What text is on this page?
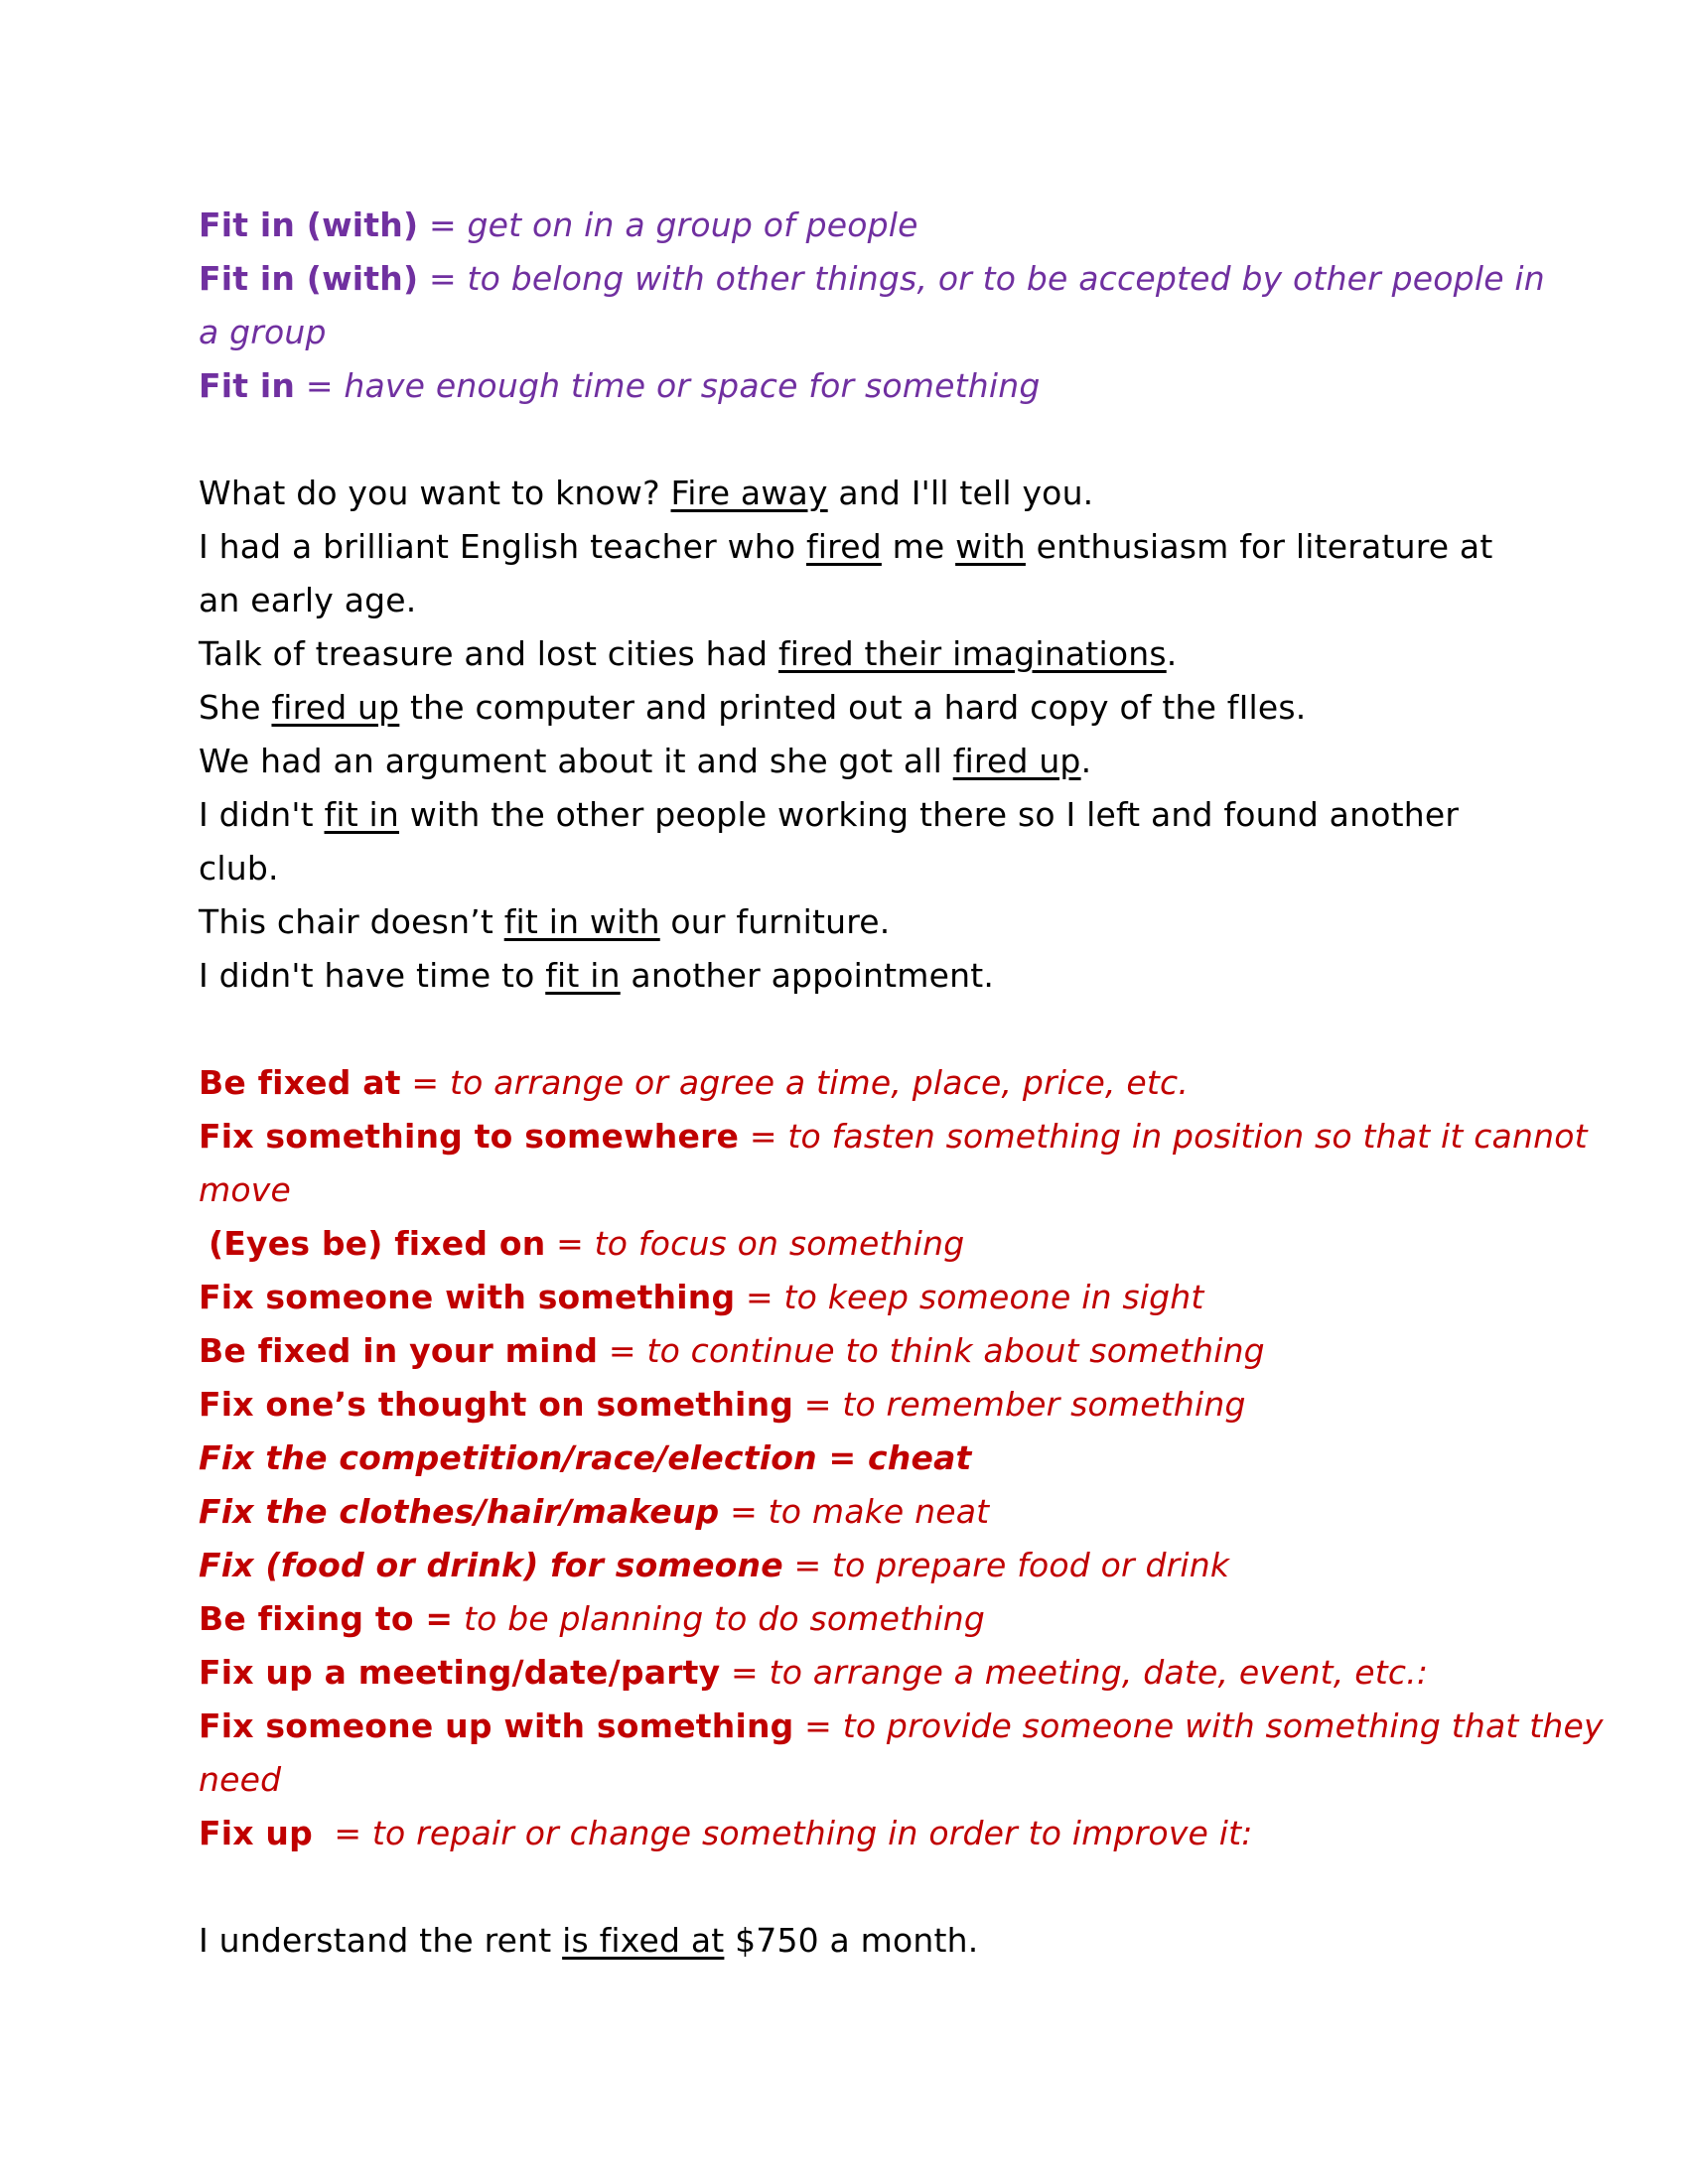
Fit in (with) = get on in a group of people
Fit in (with) = to belong with other things, or to be accepted by other people in
a group
Fit in = have enough time or space for something
What do you want to know? Fire away and I'll tell you.
I had a brilliant English teacher who fired me with enthusiasm for literature at
an early age.
Talk of treasure and lost cities had fired their imaginations.
She fired up the computer and printed out a hard copy of the fIles.
We had an argument about it and she got all fired up.
I didn't fit in with the other people working there so I left and found another
club.
This chair doesn’t fit in with our furniture.
I didn't have time to fit in another appointment.
Be fixed at = to arrange or agree a time, place, price, etc.
Fix something to somewhere = to fasten something in position so that it cannot
move
(Eyes be) fixed on = to focus on something
Fix someone with something = to keep someone in sight
Be fixed in your mind = to continue to think about something
Fix one’s thought on something = to remember something
Fix the competition/race/election = cheat
Fix the clothes/hair/makeup = to make neat
Fix (food or drink) for someone = to prepare food or drink
Be fixing to = to be planning to do something
Fix up a meeting/date/party = to arrange a meeting, date, event, etc.:
Fix someone up with something = to provide someone with something that they
need
Fix up  = to repair or change something in order to improve it:
I understand the rent is fixed at $750 a month.
